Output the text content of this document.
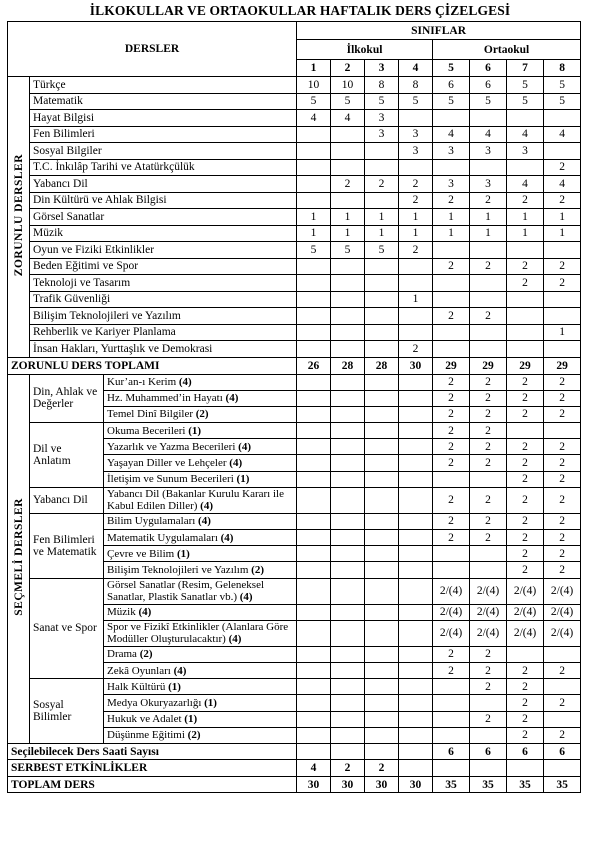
İLKOKULLAR VE ORTAOKULLAR HAFTALIK DERS ÇİZELGESİ
DERSLER			SINIFLAR							
			İlkokul				Ortaokul			
			1	2	3	4	5	6	7	8
ZORUNLU DERSLER	Türkçe		10	10	8	8	6	6	5	5
	Matematik		5	5	5	5	5	5	5	5
	Hayat Bilgisi		4	4	3					
	Fen Bilimleri				3	3	4	4	4	4
	Sosyal Bilgiler					3	3	3	3	
	T.C. İnkılâp Tarihi ve Atatürkçülük									2
	Yabancı Dil			2	2	2	3	3	4	4
	Din Kültürü ve Ahlak Bilgisi					2	2	2	2	2
	Görsel Sanatlar		1	1	1	1	1	1	1	1
	Müzik		1	1	1	1	1	1	1	1
	Oyun ve Fiziki Etkinlikler		5	5	5	2				
	Beden Eğitimi ve Spor						2	2	2	2
	Teknoloji ve Tasarım								2	2
	Trafik Güvenliği					1				
	Bilişim Teknolojileri ve Yazılım						2	2		
	Rehberlik ve Kariyer Planlama									1
	İnsan Hakları, Yurttaşlık ve Demokrasi					2				
ZORUNLU DERS TOPLAMI			26	28	28	30	29	29	29	29
SEÇMELİ DERSLER	Din, Ahlak ve Değerler	Kur’an-ı Kerim (4)					2	2	2	2
		Hz. Muhammed’in Hayatı (4)					2	2	2	2
		Temel Dinî Bilgiler (2)					2	2	2	2
	Dil ve Anlatım	Okuma Becerileri (1)					2	2		
		Yazarlık ve Yazma Becerileri (4)					2	2	2	2
		Yaşayan Diller ve Lehçeler (4)					2	2	2	2
		İletişim ve Sunum Becerileri (1)							2	2
	Yabancı Dil	Yabancı Dil (Bakanlar Kurulu Kararı ile Kabul Edilen Diller) (4)					2	2	2	2
	Fen Bilimleri ve Matematik	Bilim Uygulamaları (4)					2	2	2	2
		Matematik Uygulamaları (4)					2	2	2	2
		Çevre ve Bilim (1)							2	2
		Bilişim Teknolojileri ve Yazılım (2)							2	2
	Sanat ve Spor	Görsel Sanatlar (Resim, Geleneksel Sanatlar, Plastik Sanatlar vb.) (4)					2/(4)	2/(4)	2/(4)	2/(4)
		Müzik (4)					2/(4)	2/(4)	2/(4)	2/(4)
		Spor ve Fizikî Etkinlikler (Alanlara Göre Modüller Oluşturulacaktır) (4)					2/(4)	2/(4)	2/(4)	2/(4)
		Drama (2)					2	2		
		Zekâ Oyunları (4)					2	2	2	2
	Sosyal Bilimler	Halk Kültürü (1)						2	2	
		Medya Okuryazarlığı (1)							2	2
		Hukuk ve Adalet (1)						2	2	
		Düşünme Eğitimi (2)							2	2
Seçilebilecek Ders Saati Sayısı							6	6	6	6
SERBEST ETKİNLİKLER			4	2	2					
TOPLAM DERS			30	30	30	30	35	35	35	35
